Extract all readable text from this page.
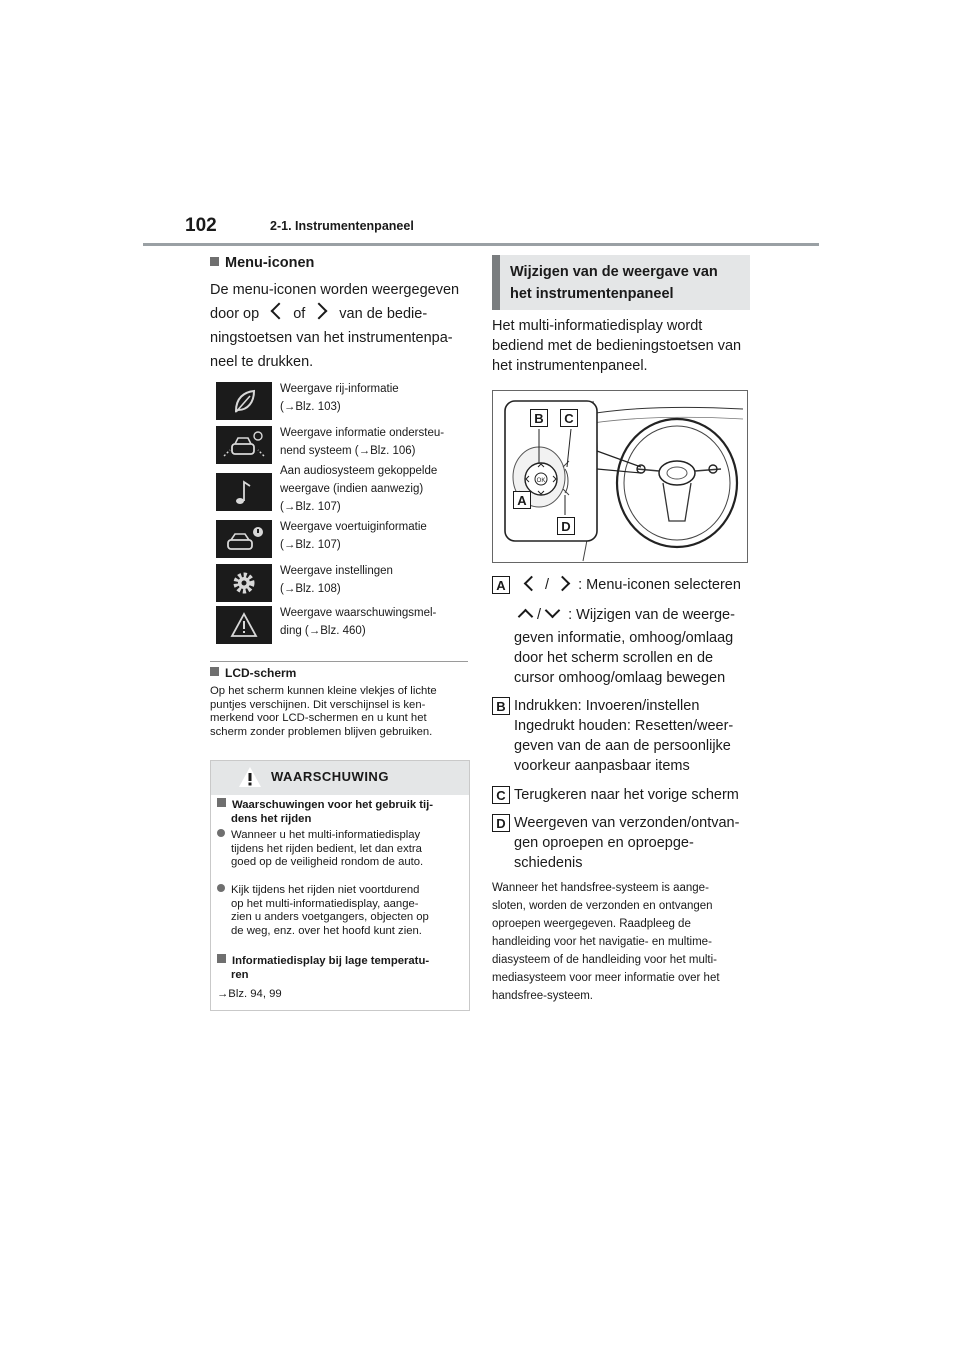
102	2-1. Instrumentenpaneel
Menu-iconen

De menu-iconen worden weergegeven

door op of van de bedie-

ningstoetsen van het instrumentenpa-

neel te drukken.

Weergave rij-informatie
(→Blz. 103)
Weergave informatie ondersteu-
nend systeem (→Blz. 106)
Aan audiosysteem gekoppelde
weergave (indien aanwezig)
(→Blz. 107)
Weergave voertuiginformatie
(→Blz. 107)
Weergave instellingen
(→Blz. 108)
Weergave waarschuwingsmel-
ding (→Blz. 460)
LCD-scherm
Op het scherm kunnen kleine vlekjes of lichte
puntjes verschijnen. Dit verschijnsel is ken-
merkend voor LCD-schermen en u kunt het
scherm zonder problemen blijven gebruiken.
WAARSCHUWING
Waarschuwingen voor het gebruik tij-
dens het rijden
Wanneer u het multi-informatiedisplay
tijdens het rijden bedient, let dan extra
goed op de veiligheid rondom de auto.
Kijk tijdens het rijden niet voortdurend
op het multi-informatiedisplay, aange-
zien u anders voetgangers, objecten op
de weg, enz. over het hoofd kunt zien.
Informatiedisplay bij lage temperatu-
ren
→Blz. 94, 99
Wijzigen van de weergave van
het instrumentenpaneel

Het multi-informatiedisplay wordt

bediend met de bedieningstoetsen van

het instrumentenpaneel.

OK
B	C
A
D
A	/ : Menu-iconen selecteren
/ : Wijzigen van de weerge-
geven informatie, omhoog/omlaag
door het scherm scrollen en de
cursor omhoog/omlaag bewegen
B Indrukken: Invoeren/instellen
Ingedrukt houden: Resetten/weer-
geven van de aan de persoonlijke
voorkeur aanpasbaar items
C Terugkeren naar het vorige scherm
D Weergeven van verzonden/ontvan-
gen oproepen en oproepge-
schiedenis
Wanneer het handsfree-systeem is aange-
sloten, worden de verzonden en ontvangen
oproepen weergegeven. Raadpleeg de
handleiding voor het navigatie- en multime-
diasysteem of de handleiding voor het multi-
mediasysteem voor meer informatie over het
handsfree-systeem.
